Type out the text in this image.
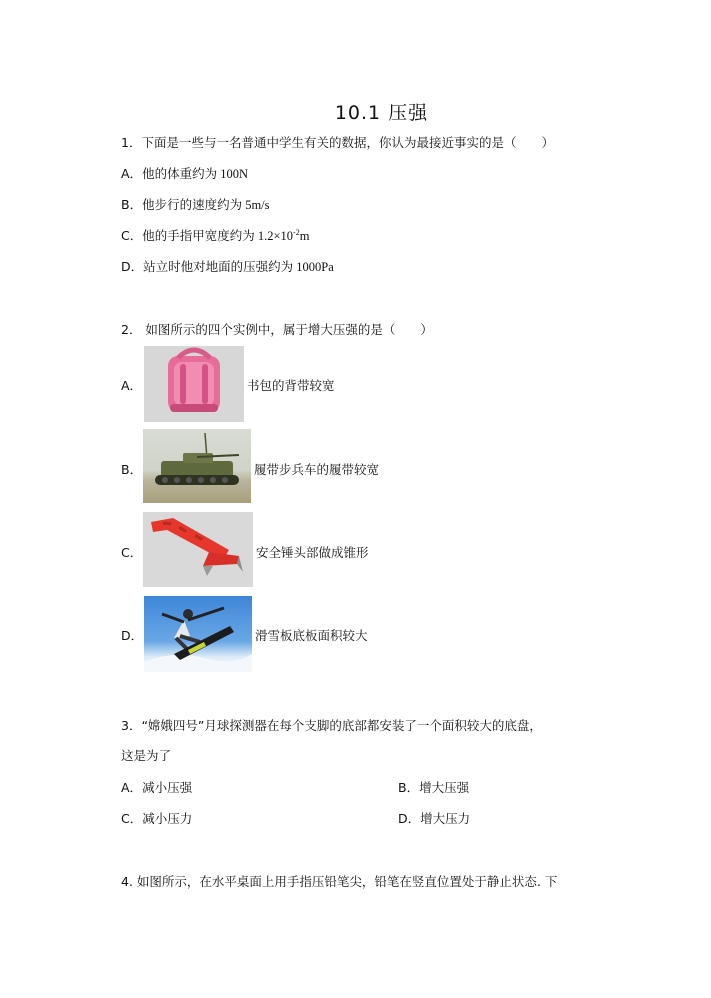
10.1 压强
1．下面是一些与一名普通中学生有关的数据，你认为最接近事实的是（　　）
A．他的体重约为 100N
B．他步行的速度约为 5m/s
C．他的手指甲宽度约为 $1.2\times 10^{-2}m$
D．站立时他对地面的压强约为 1000Pa
2． 如图所示的四个实例中，属于增大压强的是（　　）
A．	书包的背带较宽
B．	履带步兵车的履带较宽
C．	安全锤头部做成锥形
D．	滑雪板底板面积较大
3．“嫦娥四号”月球探测器在每个支脚的底部都安装了一个面积较大的底盘，
这是为了
A．减小压强	B．增大压强
C．减小压力	D．增大压力
4. 如图所示，在水平桌面上用手指压铅笔尖，铅笔在竖直位置处于静止状态. 下
